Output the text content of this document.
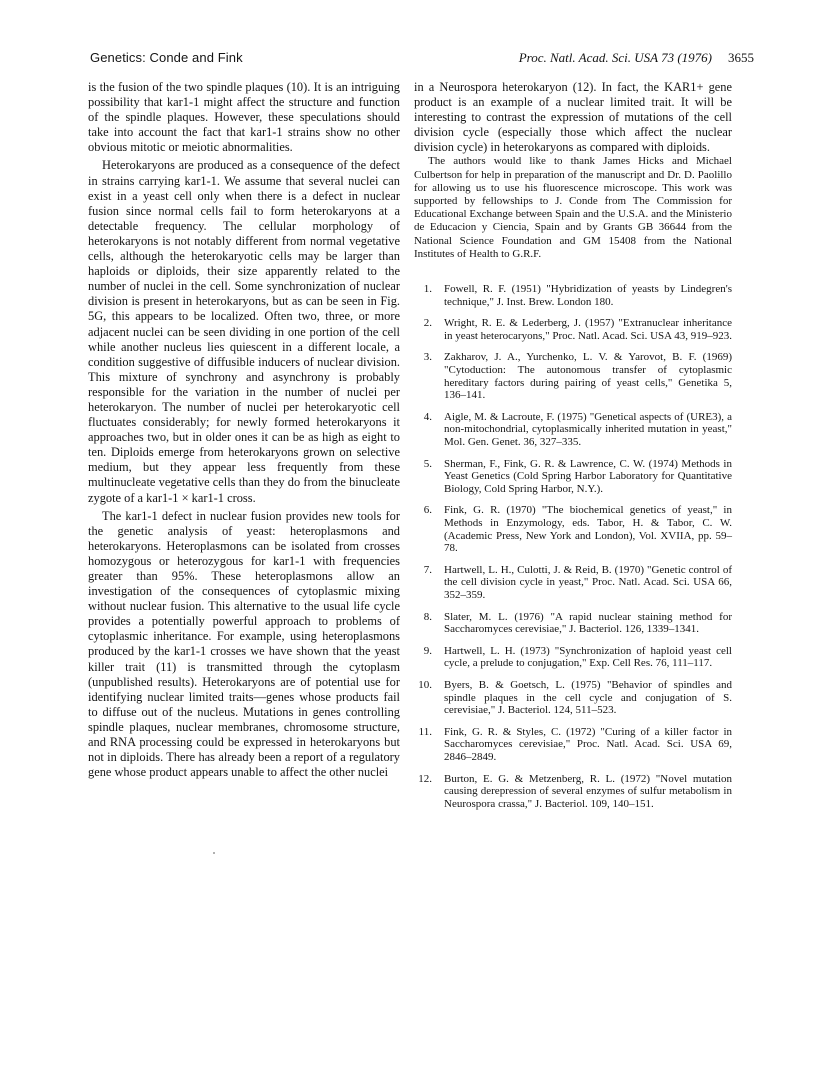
Genetics: Conde and Fink	Proc. Natl. Acad. Sci. USA 73 (1976) 3655

is the fusion of the two spindle plaques (10). It is an intriguing possibility that kar1-1 might affect the structure and function of the spindle plaques. However, these speculations should take into account the fact that kar1-1 strains show no other obvious mitotic or meiotic abnormalities.

Heterokaryons are produced as a consequence of the defect in strains carrying kar1-1. We assume that several nuclei can exist in a yeast cell only when there is a defect in nuclear fusion since normal cells fail to form heterokaryons at a detectable frequency. The cellular morphology of heterokaryons is not notably different from normal vegetative cells, although the heterokaryotic cells may be larger than haploids or diploids, their size apparently related to the number of nuclei in the cell. Some synchronization of nuclear division is present in heterokaryons, but as can be seen in Fig. 5G, this appears to be localized. Often two, three, or more adjacent nuclei can be seen dividing in one portion of the cell while another nucleus lies quiescent in a different locale, a condition suggestive of diffusible inducers of nuclear division. This mixture of synchrony and asynchrony is probably responsible for the variation in the number of nuclei per heterokaryon. The number of nuclei per heterokaryotic cell fluctuates considerably; for newly formed heterokaryons it approaches two, but in older ones it can be as high as eight to ten. Diploids emerge from heterokaryons grown on selective medium, but they appear less frequently from these multinucleate vegetative cells than they do from the binucleate zygote of a kar1-1 × kar1-1 cross.

The kar1-1 defect in nuclear fusion provides new tools for the genetic analysis of yeast: heteroplasmons and heterokaryons. Heteroplasmons can be isolated from crosses homozygous or heterozygous for kar1-1 with frequencies greater than 95%. These heteroplasmons allow an investigation of the consequences of cytoplasmic mixing without nuclear fusion. This alternative to the usual life cycle provides a potentially powerful approach to problems of cytoplasmic inheritance. For example, using heteroplasmons produced by the kar1-1 crosses we have shown that the yeast killer trait (11) is transmitted through the cytoplasm (unpublished results). Heterokaryons are of potential use for identifying nuclear limited traits—genes whose products fail to diffuse out of the nucleus. Mutations in genes controlling spindle plaques, nuclear membranes, chromosome structure, and RNA processing could be expressed in heterokaryons but not in diploids. There has already been a report of a regulatory gene whose product appears unable to affect the other nuclei

in a Neurospora heterokaryon (12). In fact, the KAR1+ gene product is an example of a nuclear limited trait. It will be interesting to contrast the expression of mutations of the cell division cycle (especially those which affect the nuclear division cycle) in heterokaryons as compared with diploids.

The authors would like to thank James Hicks and Michael Culbertson for help in preparation of the manuscript and Dr. D. Paolillo for allowing us to use his fluorescence microscope. This work was supported by fellowships to J. Conde from The Commission for Educational Exchange between Spain and the U.S.A. and the Ministerio de Educacion y Ciencia, Spain and by Grants GB 36644 from the National Science Foundation and GM 15408 from the National Institutes of Health to G.R.F.

1. Fowell, R. F. (1951) "Hybridization of yeasts by Lindegren's technique," J. Inst. Brew. London 180.
2. Wright, R. E. & Lederberg, J. (1957) "Extranuclear inheritance in yeast heterocaryons," Proc. Natl. Acad. Sci. USA 43, 919–923.
3. Zakharov, J. A., Yurchenko, L. V. & Yarovot, B. F. (1969) "Cytoduction: The autonomous transfer of cytoplasmic hereditary factors during pairing of yeast cells," Genetika 5, 136–141.
4. Aigle, M. & Lacroute, F. (1975) "Genetical aspects of (URE3), a non-mitochondrial, cytoplasmically inherited mutation in yeast," Mol. Gen. Genet. 36, 327–335.
5. Sherman, F., Fink, G. R. & Lawrence, C. W. (1974) Methods in Yeast Genetics (Cold Spring Harbor Laboratory for Quantitative Biology, Cold Spring Harbor, N.Y.).
6. Fink, G. R. (1970) "The biochemical genetics of yeast," in Methods in Enzymology, eds. Tabor, H. & Tabor, C. W. (Academic Press, New York and London), Vol. XVIIA, pp. 59–78.
7. Hartwell, L. H., Culotti, J. & Reid, B. (1970) "Genetic control of the cell division cycle in yeast," Proc. Natl. Acad. Sci. USA 66, 352–359.
8. Slater, M. L. (1976) "A rapid nuclear staining method for Saccharomyces cerevisiae," J. Bacteriol. 126, 1339–1341.
9. Hartwell, L. H. (1973) "Synchronization of haploid yeast cell cycle, a prelude to conjugation," Exp. Cell Res. 76, 111–117.
10. Byers, B. & Goetsch, L. (1975) "Behavior of spindles and spindle plaques in the cell cycle and conjugation of S. cerevisiae," J. Bacteriol. 124, 511–523.
11. Fink, G. R. & Styles, C. (1972) "Curing of a killer factor in Saccharomyces cerevisiae," Proc. Natl. Acad. Sci. USA 69, 2846–2849.
12. Burton, E. G. & Metzenberg, R. L. (1972) "Novel mutation causing derepression of several enzymes of sulfur metabolism in Neurospora crassa," J. Bacteriol. 109, 140–151.
